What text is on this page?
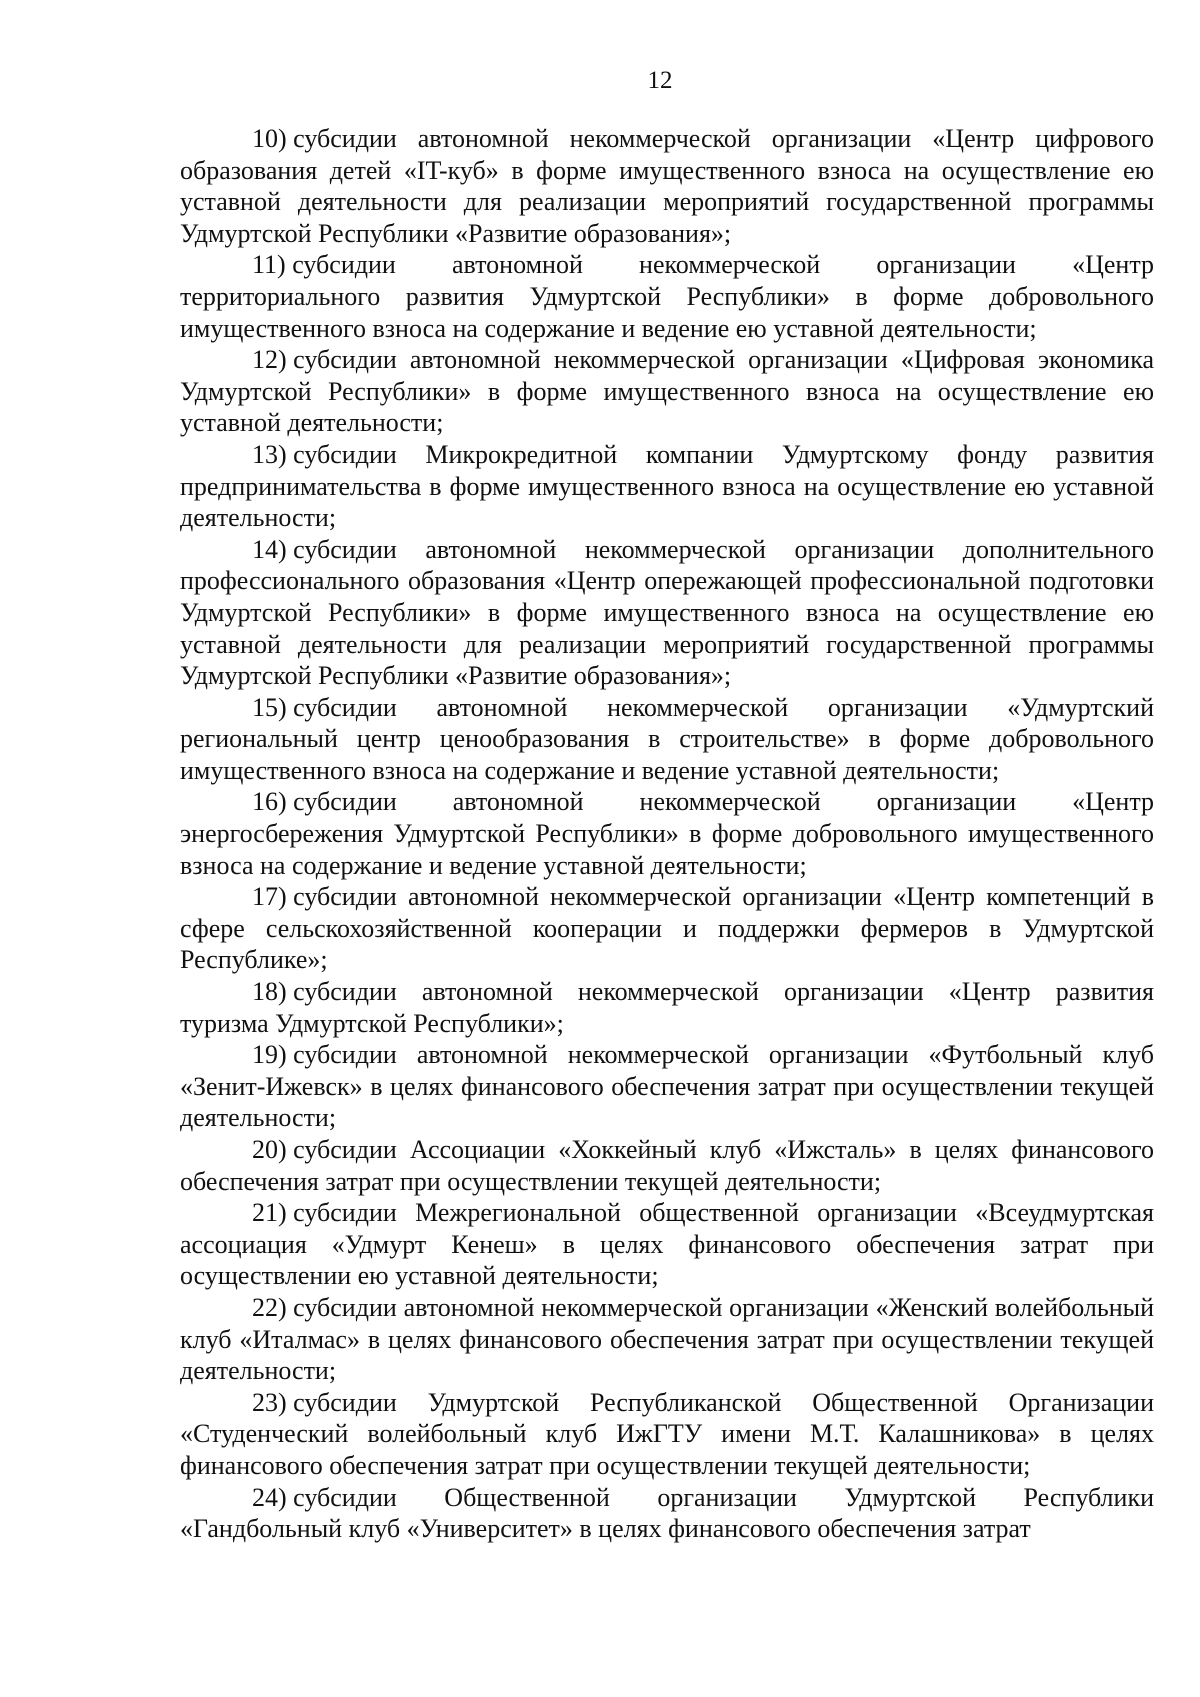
12

10) субсидии автономной некоммерческой организации «Центр цифрового образования детей «IT-куб» в форме имущественного взноса на осуществление ею уставной деятельности для реализации мероприятий государственной программы Удмуртской Республики «Развитие образования»;

11) субсидии автономной некоммерческой организации «Центр территориального развития Удмуртской Республики» в форме добровольного имущественного взноса на содержание и ведение ею уставной деятельности;

12) субсидии автономной некоммерческой организации «Цифровая экономика Удмуртской Республики» в форме имущественного взноса на осуществление ею уставной деятельности;

13) субсидии Микрокредитной компании Удмуртскому фонду развития предпринимательства в форме имущественного взноса на осуществление ею уставной деятельности;

14) субсидии автономной некоммерческой организации дополнительного профессионального образования «Центр опережающей профессиональной подготовки Удмуртской Республики» в форме имущественного взноса на осуществление ею уставной деятельности для реализации мероприятий государственной программы Удмуртской Республики «Развитие образования»;

15) субсидии автономной некоммерческой организации «Удмуртский региональный центр ценообразования в строительстве» в форме добровольного имущественного взноса на содержание и ведение уставной деятельности;

16) субсидии автономной некоммерческой организации «Центр энергосбережения Удмуртской Республики» в форме добровольного имущественного взноса на содержание и ведение уставной деятельности;

17) субсидии автономной некоммерческой организации «Центр компетенций в сфере сельскохозяйственной кооперации и поддержки фермеров в Удмуртской Республике»;

18) субсидии автономной некоммерческой организации «Центр развития туризма Удмуртской Республики»;

19) субсидии автономной некоммерческой организации «Футбольный клуб «Зенит-Ижевск» в целях финансового обеспечения затрат при осуществлении текущей деятельности;

20) субсидии Ассоциации «Хоккейный клуб «Ижсталь» в целях финансового обеспечения затрат при осуществлении текущей деятельности;

21) субсидии Межрегиональной общественной организации «Всеудмуртская ассоциация «Удмурт Кенеш» в целях финансового обеспечения затрат при осуществлении ею уставной деятельности;

22) субсидии автономной некоммерческой организации «Женский волейбольный клуб «Италмас» в целях финансового обеспечения затрат при осуществлении текущей деятельности;

23) субсидии Удмуртской Республиканской Общественной Организации «Студенческий волейбольный клуб ИжГТУ имени М.Т. Калашникова» в целях финансового обеспечения затрат при осуществлении текущей деятельности;

24) субсидии Общественной организации Удмуртской Республики «Гандбольный клуб «Университет» в целях финансового обеспечения затрат
